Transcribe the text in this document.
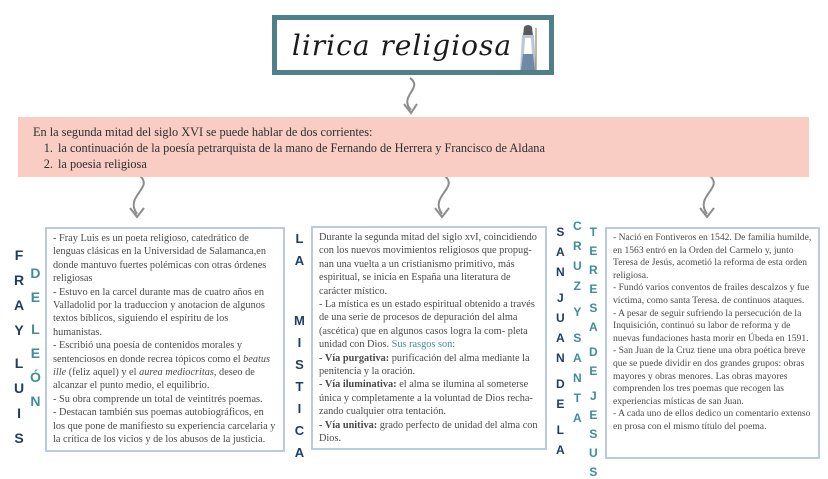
lirica religiosa
En la segunda mitad del siglo XVI se puede hablar de dos corrientes:
1. la continuación de la poesía petrarquista de la mano de Fernando de Herrera y Francisco de Aldana
2. la poesia religiosa
F
R
A
Y
L
U
I
S
D
E
L
E
Ó
N

- Fray Luis es un poeta religioso, catedrático de lenguas clásicas en la Universidad de Salamanca,en donde mantuvo fuertes polémicas con otras órdenes religiosas

- Estuvo en la carcel durante mas de cuatro años en Valladolid por la traduccion y anotacion de algunos textos bíblicos, siguiendo el espíritu de los humanistas.

- Escribió una poesía de contenidos morales y sentenciosos en donde recrea tópicos como el beatus ille (feliz aquel) y el aurea mediocritas, deseo de alcanzar el punto medio, el equilibrio.

- Su obra comprende un total de veintitrés poemas.

- Destacan también sus poemas autobiográficos, en los que pone de manifiesto su experiencia carcelaria y la crítica de los vicios y de los abusos de la justicia.

L
A
M
I
S
T
I
C
A

Durante la segunda mitad del siglo xvI, coincidiendo con los nuevos movimientos religiosos que propug- nan una vuelta a un cristianismo primitivo, más espiritual, se inicia en España una literatura de carácter místico.

- La mística es un estado espiritual obtenido a través de una serie de procesos de depuración del alma (ascética) que en algunos casos logra la com- pleta unidad con Dios. Sus rasgos son:

- Vía purgativa: purificación del alma mediante la penitencia y la oración.

- Vía iluminativa: el alma se ilumina al someterse única y completamente a la voluntad de Dios recha- zando cualquier otra tentación.

- Vía unitiva: grado perfecto de unidad del alma con Dios.

S
A
N
J
U
A
N
D
E
L
A
C
R
U
Z
Y
S
A
N
T
A
T
E
R
E
S
A
D
E
J
E
S
U
S

- Nació en Fontiveros en 1542. De familia humilde, en 1563 entró en la Orden del Carmelo y, junto Teresa de Jesús, acometió la reforma de esta orden religiosa.

- Fundó varios conventos de frailes descalzos y fue víctima, como santa Teresa. de continuos ataques.

- A pesar de seguir sufriendo la persecución de la Inquisición, continuó su labor de reforma y de nuevas fundaciones hasta morir en Úbeda en 1591.

- San Juan de la Cruz tiene una obra poética breve que se puede dividir en dos grandes grupos: obras mayores y obras menores. Las obras mayores comprenden los tres poemas que recogen las experiencias místicas de san Juan.

- A cada uno de ellos dedico un comentario extenso en prosa con el mismo título del poema.
